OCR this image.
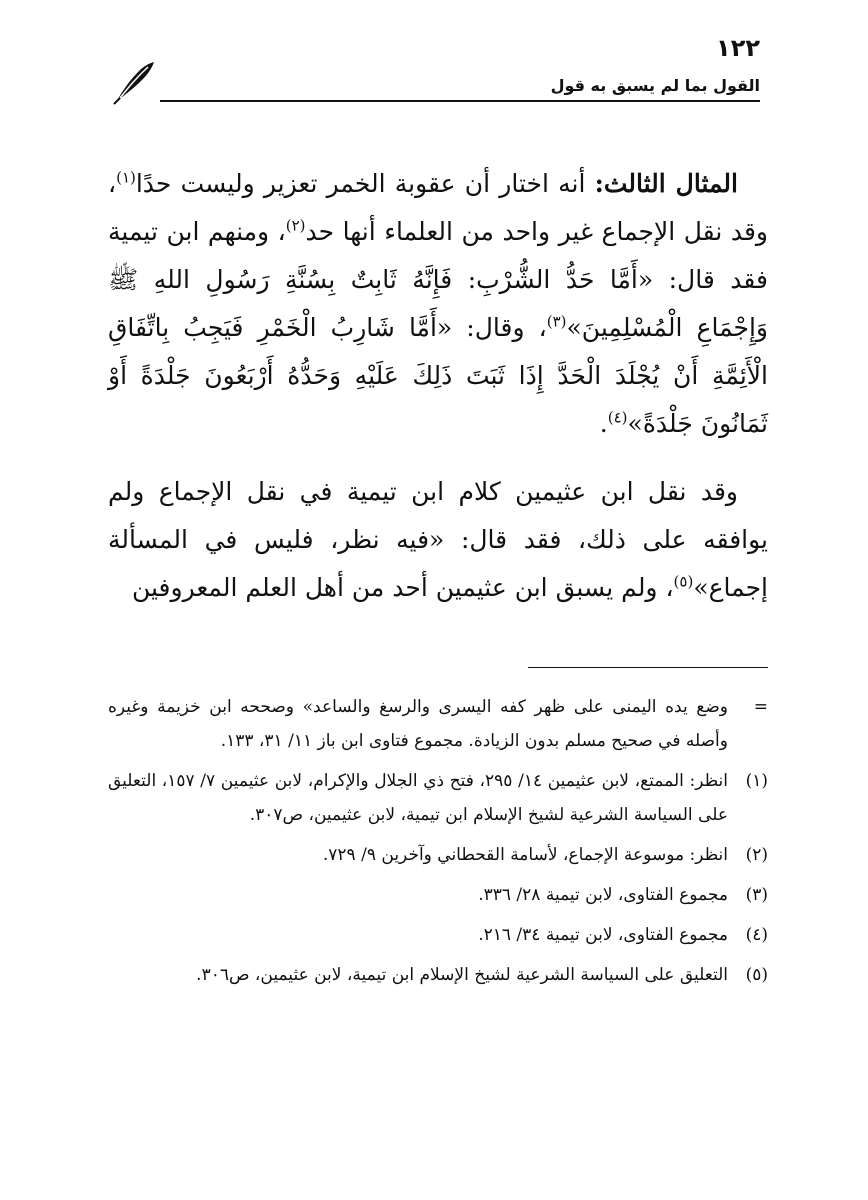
١٢٢
القول بما لم يسبق به قول

المثال الثالث: أنه اختار أن عقوبة الخمر تعزير وليست حدًا$^{(١)}$، وقد نقل الإجماع غير واحد من العلماء أنها حد$^{(٢)}$، ومنهم ابن تيمية فقد قال: «أَمَّا حَدُّ الشُّرْبِ: فَإِنَّهُ ثَابِتٌ بِسُنَّةِ رَسُولِ اللهِ ﷺ وَإِجْمَاعِ الْمُسْلِمِينَ»$^{(٣)}$، وقال: «أَمَّا شَارِبُ الْخَمْرِ فَيَجِبُ بِاتِّفَاقِ الْأَئِمَّةِ أَنْ يُجْلَدَ الْحَدَّ إِذَا ثَبَتَ ذَلِكَ عَلَيْهِ وَحَدُّهُ أَرْبَعُونَ جَلْدَةً أَوْ ثَمَانُونَ جَلْدَةً»$^{(٤)}$.

وقد نقل ابن عثيمين كلام ابن تيمية في نقل الإجماع ولم يوافقه على ذلك، فقد قال: «فيه نظر، فليس في المسألة إجماع»$^{(٥)}$، ولم يسبق ابن عثيمين أحد من أهل العلم المعروفين

=
وضع يده اليمنى على ظهر كفه اليسرى والرسغ والساعد» وصححه ابن خزيمة وغيره وأصله في صحيح مسلم بدون الزيادة. مجموع فتاوى ابن باز ١١/ ٣١، ١٣٣.
(١)
انظر: الممتع، لابن عثيمين ١٤/ ٢٩٥، فتح ذي الجلال والإكرام، لابن عثيمين ٧/ ١٥٧، التعليق على السياسة الشرعية لشيخ الإسلام ابن تيمية، لابن عثيمين، ص٣٠٧.
(٢)
انظر: موسوعة الإجماع، لأسامة القحطاني وآخرين ٩/ ٧٢٩.
(٣)
مجموع الفتاوى، لابن تيمية ٢٨/ ٣٣٦.
(٤)
مجموع الفتاوى، لابن تيمية ٣٤/ ٢١٦.
(٥)
التعليق على السياسة الشرعية لشيخ الإسلام ابن تيمية، لابن عثيمين، ص٣٠٦.
